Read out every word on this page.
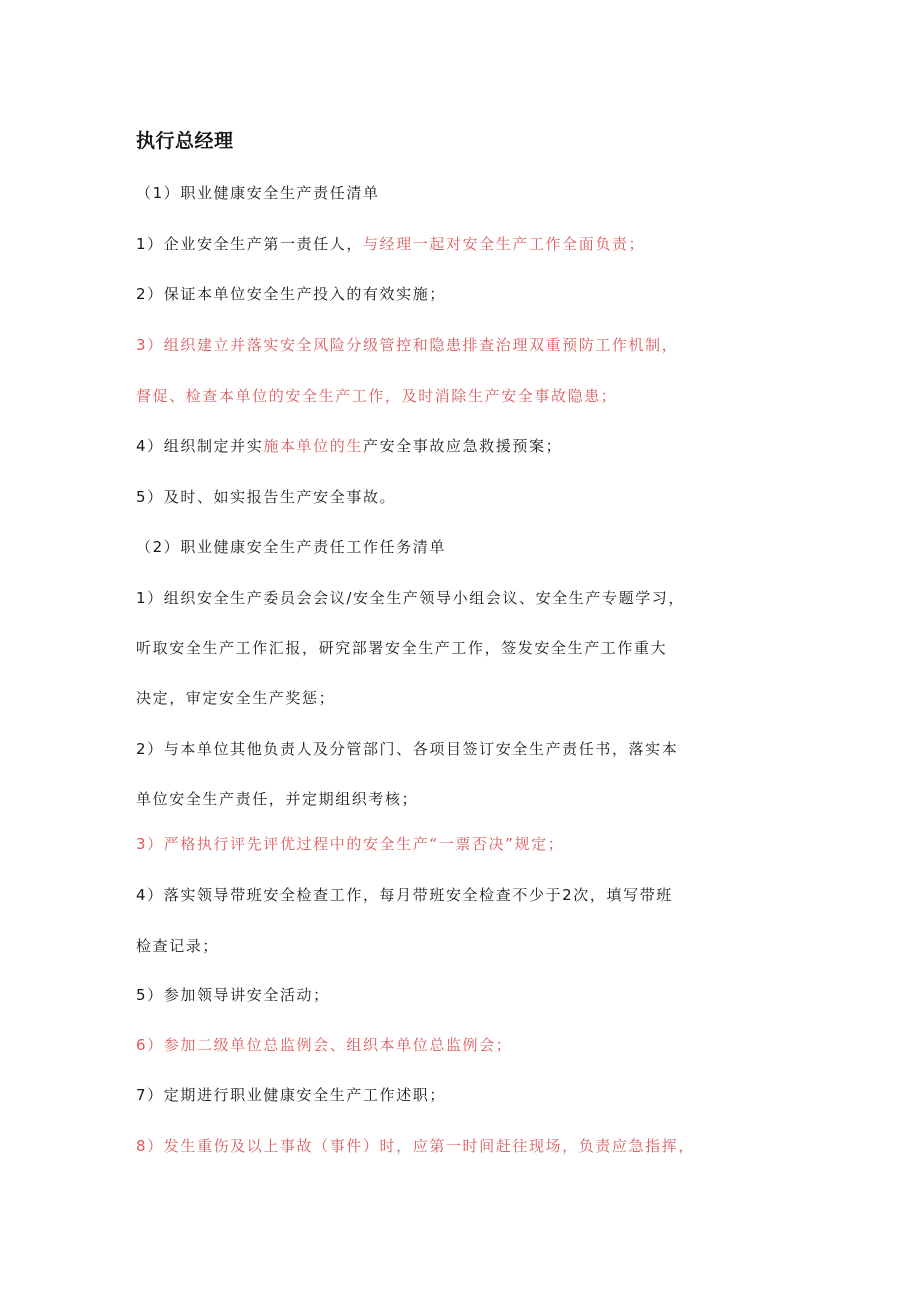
执行总经理
（1）职业健康安全生产责任清单
1）企业安全生产第一责任人，与经理一起对安全生产工作全面负责；
2）保证本单位安全生产投入的有效实施；
3）组织建立并落实安全风险分级管控和隐患排查治理双重预防工作机制，
督促、检查本单位的安全生产工作，及时消除生产安全事故隐患；
4）组织制定并实施本单位的生产安全事故应急救援预案；
5）及时、如实报告生产安全事故。
（2）职业健康安全生产责任工作任务清单
1）组织安全生产委员会会议/安全生产领导小组会议、安全生产专题学习，
听取安全生产工作汇报，研究部署安全生产工作，签发安全生产工作重大
决定，审定安全生产奖惩；
2）与本单位其他负责人及分管部门、各项目签订安全生产责任书，落实本
单位安全生产责任，并定期组织考核；
3）严格执行评先评优过程中的安全生产“一票否决”规定；
4）落实领导带班安全检查工作，每月带班安全检查不少于2次，填写带班
检查记录；
5）参加领导讲安全活动；
6）参加二级单位总监例会、组织本单位总监例会；
7）定期进行职业健康安全生产工作述职；
8）发生重伤及以上事故（事件）时，应第一时间赶往现场，负责应急指挥，
